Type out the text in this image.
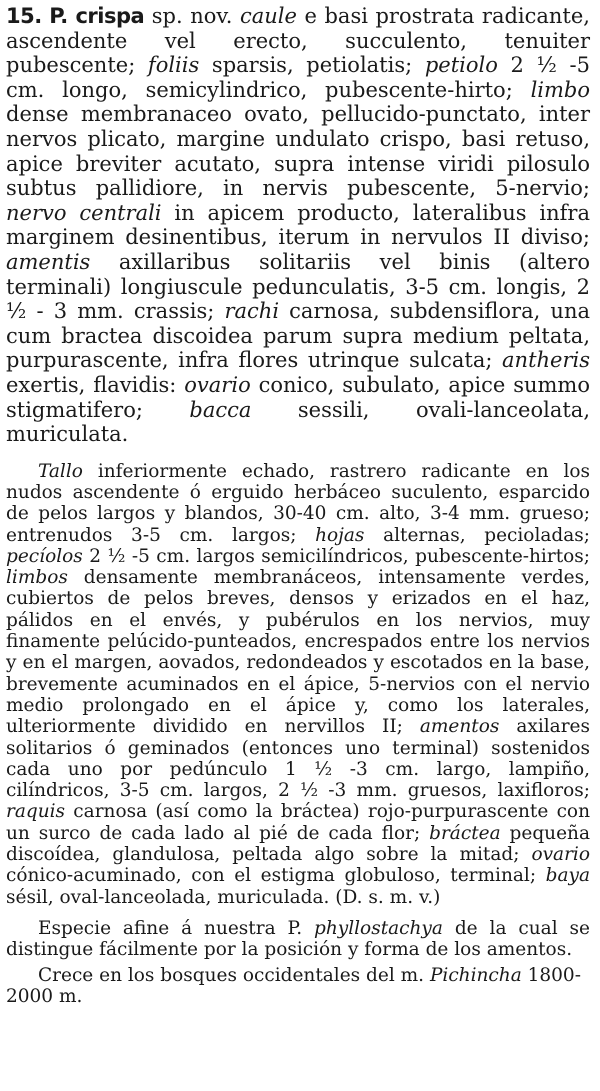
15. P. crispa sp. nov. caule e basi prostrata radicante, ascendente vel erecto, succulento, tenuiter pubescente; foliis sparsis, petiolatis; petiolo 2 ½ -5 cm. longo, semicylindrico, pubescente-hirto; limbo dense membranaceo ovato, pellucido-punctato, inter nervos plicato, margine undulato crispo, basi retuso, apice breviter acutato, supra intense viridi pilosulo subtus pallidiore, in nervis pubescente, 5-nervio; nervo centrali in apicem producto, lateralibus infra marginem desinentibus, iterum in nervulos II diviso; amentis axillaribus solitariis vel binis (altero terminali) longiuscule pedunculatis, 3-5 cm. longis, 2 ½ - 3 mm. crassis; rachi carnosa, subdensiflora, una cum bractea discoidea parum supra medium peltata, purpurascente, infra flores utrinque sulcata; antheris exertis, flavidis: ovario conico, subulato, apice summo stigmatifero; bacca sessili, ovali-lanceolata, muriculata.

Tallo inferiormente echado, rastrero radicante en los nudos ascendente ó erguido herbáceo suculento, esparcido de pelos largos y blandos, 30-40 cm. alto, 3-4 mm. grueso; entrenudos 3-5 cm. largos; hojas alternas, pecioladas; pecíolos 2 ½ -5 cm. largos semicilíndricos, pubescente-hirtos; limbos densamente membranáceos, intensamente verdes, cubiertos de pelos breves, densos y erizados en el haz, pálidos en el envés, y pubérulos en los nervios, muy finamente pelúcido-punteados, encrespados entre los nervios y en el margen, aovados, redondeados y escotados en la base, brevemente acuminados en el ápice, 5-nervios con el nervio medio prolongado en el ápice y, como los laterales, ulteriormente dividido en nervillos II; amentos axilares solitarios ó geminados (entonces uno terminal) sostenidos cada uno por pedúnculo 1 ½ -3 cm. largo, lampiño, cilíndricos, 3-5 cm. largos, 2 ½ -3 mm. gruesos, laxifloros; raquis carnosa (así como la bráctea) rojo-purpurascente con un surco de cada lado al pié de cada flor; bráctea pequeña discoídea, glandulosa, peltada algo sobre la mitad; ovario cónico-acuminado, con el estigma globuloso, terminal; baya sésil, oval-lanceolada, muriculada. (D. s. m. v.)

Especie afine á nuestra P. phyllostachya de la cual se distingue fácilmente por la posición y forma de los amentos.

Crece en los bosques occidentales del m. Pichincha 1800-2000 m.
